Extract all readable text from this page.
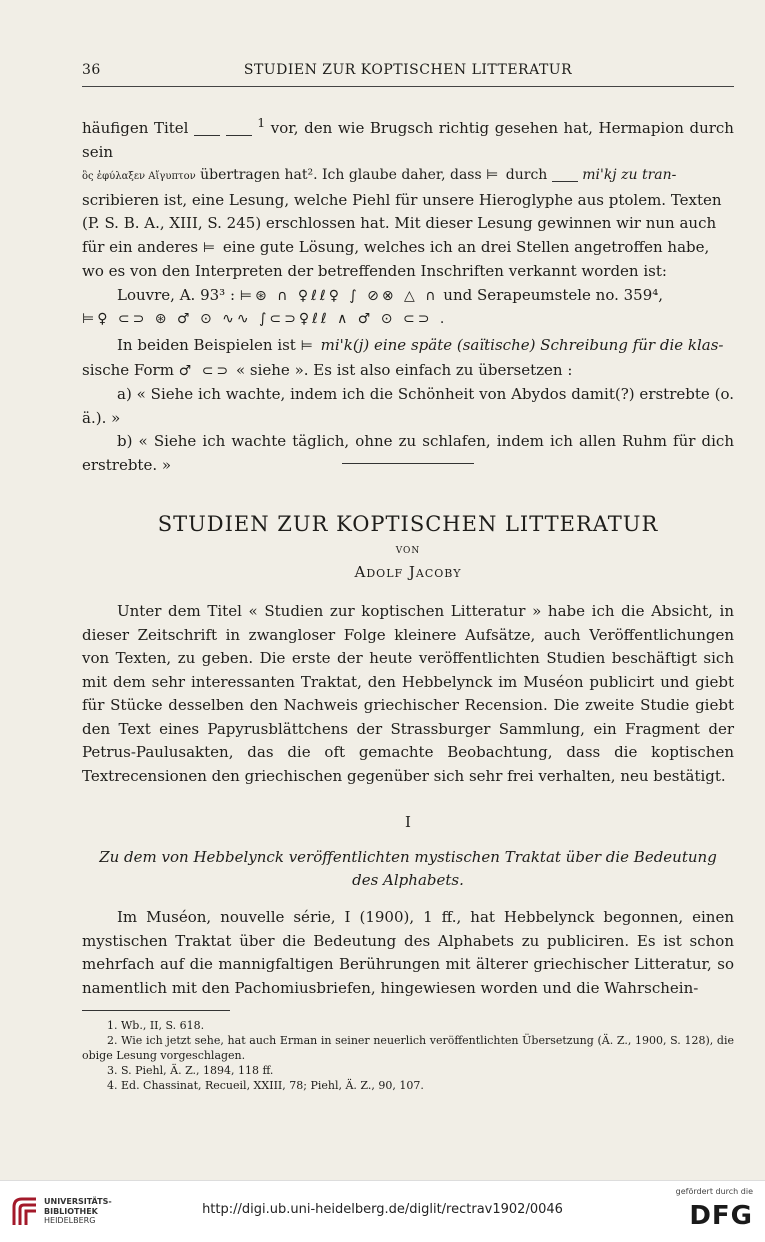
36	STUDIEN ZUR KOPTISCHEN LITTERATUR

häufigen Titel	$^1$ vor, den wie Brugsch richtig gesehen hat, Hermapion durch sein

ὃς ἐφύλαξεν Αἴγυπτον übertragen hat². Ich glaube daher, dass ⊨ durch mi'kj zu tran-

scribieren ist, eine Lesung, welche Piehl für unsere Hieroglyphe aus ptolem. Texten

(P. S. B. A., XIII, S. 245) erschlossen hat. Mit dieser Lesung gewinnen wir nun auch

für ein anderes ⊨ eine gute Lösung, welches ich an drei Stellen angetroffen habe,

wo es von den Interpreten der betreffenden Inschriften verkannt worden ist:

Louvre, A. 93³ : ⊨⊛ ∩ ♀ℓℓ♀ ∫ ⊘⊗ △ ∩ und Serapeumstele no. 359⁴,

⊨♀ ⊂⊃ ⊛ ♂ ⊙ ∿∿ ∫⊂⊃♀ℓℓ ∧ ♂ ⊙ ⊂⊃ .

In beiden Beispielen ist ⊨ mi'k(j) eine späte (saïtische) Schreibung für die klas-

sische Form ♂ ⊂⊃ « siehe ». Es ist also einfach zu übersetzen :

a) « Siehe ich wachte, indem ich die Schönheit von Abydos damit(?) erstrebte (o. ä.). »

b) « Siehe ich wachte täglich, ohne zu schlafen, indem ich allen Ruhm für dich erstrebte. »

STUDIEN ZUR KOPTISCHEN LITTERATUR
VON
Adolf Jacoby

Unter dem Titel « Studien zur koptischen Litteratur » habe ich die Absicht, in dieser Zeitschrift in zwangloser Folge kleinere Aufsätze, auch Veröffentlichungen von Texten, zu geben. Die erste der heute veröffentlichten Studien beschäftigt sich mit dem sehr interessanten Traktat, den Hebbelynck im Muséon publicirt und giebt für Stücke desselben den Nachweis griechischer Recension. Die zweite Studie giebt den Text eines Papyrusblättchens der Strassburger Sammlung, ein Fragment der Petrus-Paulusakten, das die oft gemachte Beobachtung, dass die koptischen Textrecensionen den griechischen gegenüber sich sehr frei verhalten, neu bestätigt.

I
Zu dem von Hebbelynck veröffentlichten mystischen Traktat über die Bedeutung
des Alphabets.

Im Muséon, nouvelle série, I (1900), 1 ff., hat Hebbelynck begonnen, einen mystischen Traktat über die Bedeutung des Alphabets zu publiciren. Es ist schon mehrfach auf die mannigfaltigen Berührungen mit älterer griechischer Litteratur, so namentlich mit den Pachomiusbriefen, hingewiesen worden und die Wahrschein-

1. Wb., II, S. 618.

2. Wie ich jetzt sehe, hat auch Erman in seiner neuerlich veröffentlichten Übersetzung (Ä. Z., 1900, S. 128), die obige Lesung vorgeschlagen.

3. S. Piehl, Ä. Z., 1894, 118 ff.

4. Ed. Chassinat, Recueil, XXIII, 78; Piehl, Ä. Z., 90, 107.

UNIVERSITÄTS-
BIBLIOTHEK
HEIDELBERG
http://digi.ub.uni-heidelberg.de/diglit/rectrav1902/0046
gefördert durch die
DFG
